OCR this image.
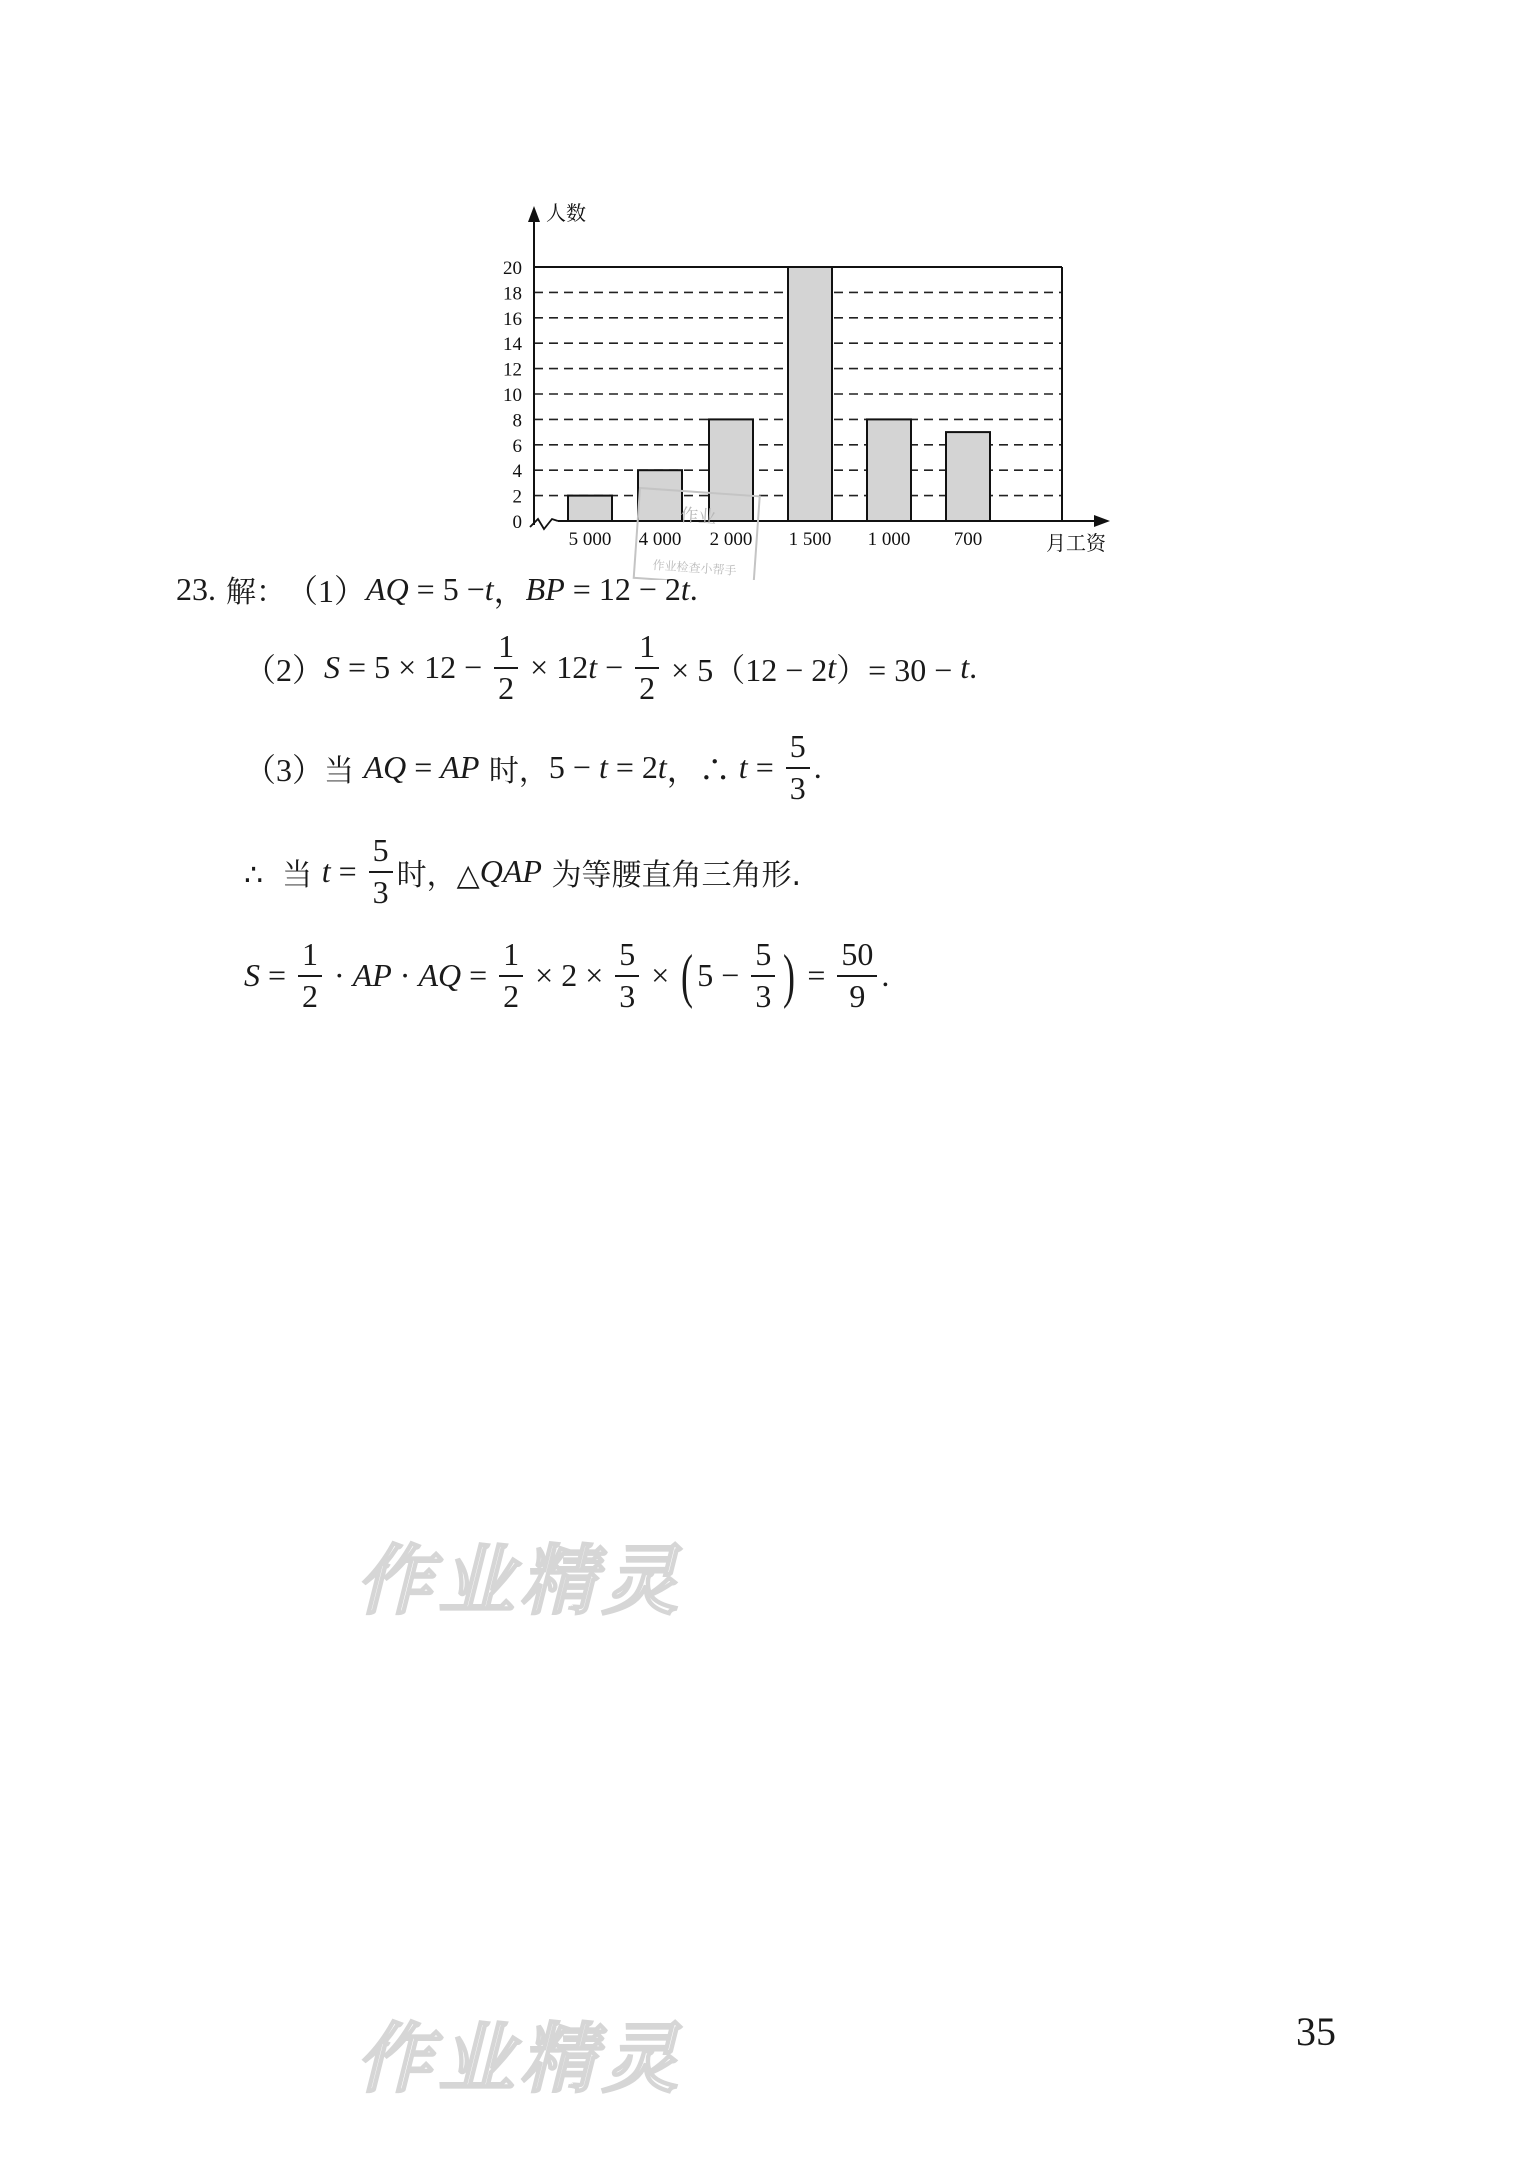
0
2
4
6
8
10
12
14
16
18
20
5 000 4 000 2 000 1 500 1 000 700
人数
月工资
作业
作业检查小帮手
23. 解： （1） AQ = 5 − t ， BP = 12 − 2 t .
（2） $S = 5 \times 12 - \frac{1}{2} \times 12$ $t - \frac{1}{2} \times 5(12 - 2$ t ）= 30 − t .
（3） 当 AQ = AP 时， 5 − t = 2 t ，∴ $t = \frac{5}{3}$ .
∴  当 $t = \frac{5}{3}$ 时，△ QAP 为等腰直角三角形.
$S = \frac{1}{2}$ · AP · AQ = $\frac{1}{2} \times 2 \times \frac{5}{3}$ × ( $5 - \frac{5}{3}$ ) = $\frac{50}{9}$ .
作业精灵
作业精灵	35
